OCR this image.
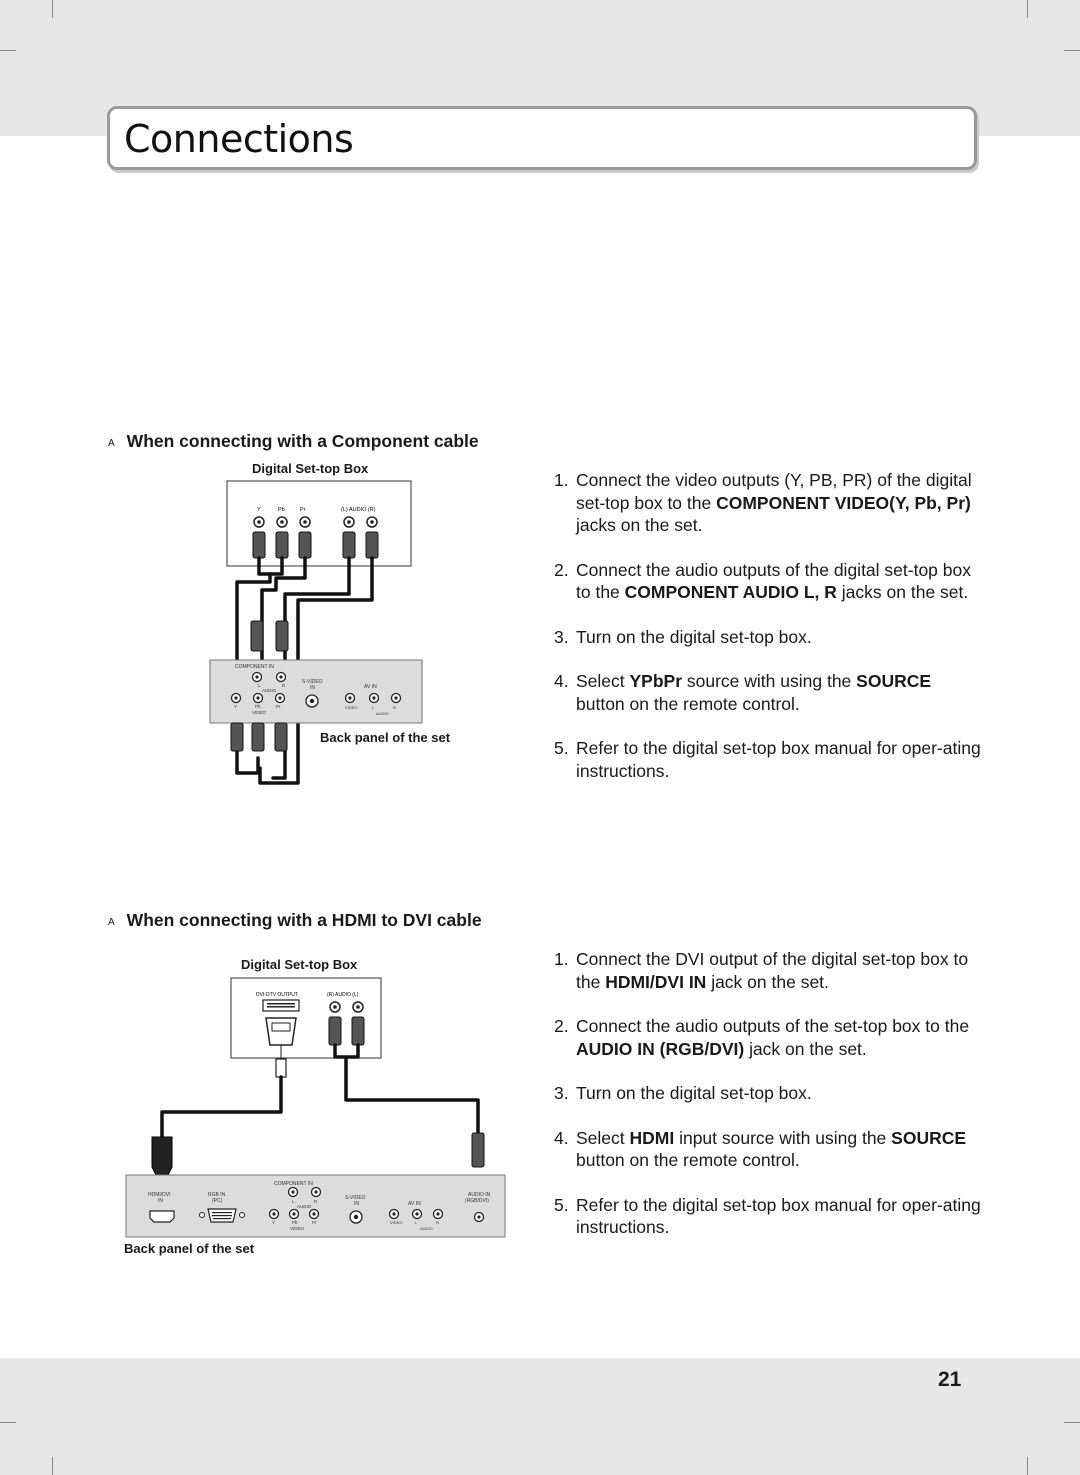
Connections
A When connecting with a Component cable
Digital Set-top Box
Back panel of the set
Y	Pb	Pr	(L) AUDIO (R)
COMPONENT IN
L	R
AUDIO
Y	Pb	Pr
VIDEO
S-VIDEO
IN	AV IN
VIDEO	L	R
AUDIO
1. Connect the video outputs (Y, PB, PR) of the digital set-top box to the COMPONENT VIDEO(Y, Pb, Pr) jacks on the set.
2. Connect the audio outputs of the digital set-top box to the COMPONENT AUDIO L, R jacks on the set.
3. Turn on the digital set-top box.
4. Select YPbPr source with using the SOURCE button on the remote control.
5. Refer to the digital set-top box manual for oper-ating instructions.
A When connecting with a HDMI to DVI cable
Digital Set-top Box
Back panel of the set
DVI-DTV OUTPUT	(R) AUDIO (L)
HDMI/DVI
IN
RGB IN
(PC)
COMPONENT IN
L	R
AUDIO
Y	Pb	Pr
VIDEO
S-VIDEO
IN	AV IN
VIDEO	L	R
AUDIO
AUDIO IN
(RGB/DVI)
1. Connect the DVI output of the digital set-top box to the HDMI/DVI IN jack on the set.
2. Connect the audio outputs of the set-top box to the AUDIO IN (RGB/DVI) jack on the set.
3. Turn on the digital set-top box.
4. Select HDMI input source with using the SOURCE button on the remote control.
5. Refer to the digital set-top box manual for oper-ating instructions.
21
